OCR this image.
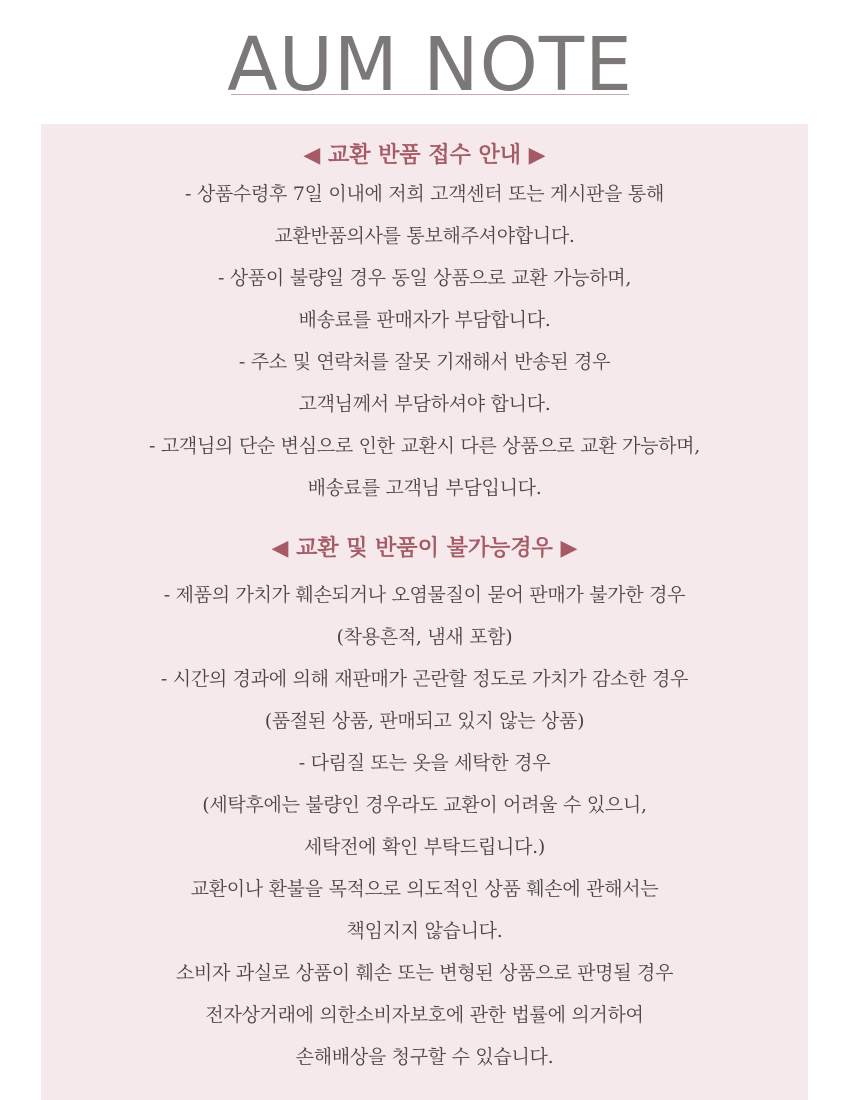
AUM NOTE
◀ 교환 반품 접수 안내 ▶
- 상품수령후 7일 이내에 저희 고객센터 또는 게시판을 통해
교환반품의사를 통보해주셔야합니다.
- 상품이 불량일 경우 동일 상품으로 교환 가능하며,
배송료를 판매자가 부담합니다.
- 주소 및 연락처를 잘못 기재해서 반송된 경우
고객님께서 부담하셔야 합니다.
- 고객님의 단순 변심으로 인한 교환시 다른 상품으로 교환 가능하며,
배송료를 고객님 부담입니다.
◀ 교환 및 반품이 불가능경우 ▶
- 제품의 가치가 훼손되거나 오염물질이 묻어 판매가 불가한 경우
(착용흔적, 냄새 포함)
- 시간의 경과에 의해 재판매가 곤란할 정도로 가치가 감소한 경우
(품절된 상품, 판매되고 있지 않는 상품)
- 다림질 또는 옷을 세탁한 경우
(세탁후에는 불량인 경우라도 교환이 어려울 수 있으니,
세탁전에 확인 부탁드립니다.)
교환이나 환불을 목적으로 의도적인 상품 훼손에 관해서는
책임지지 않습니다.
소비자 과실로 상품이 훼손 또는 변형된 상품으로 판명될 경우
전자상거래에 의한소비자보호에 관한 법률에 의거하여
손해배상을 청구할 수 있습니다.
